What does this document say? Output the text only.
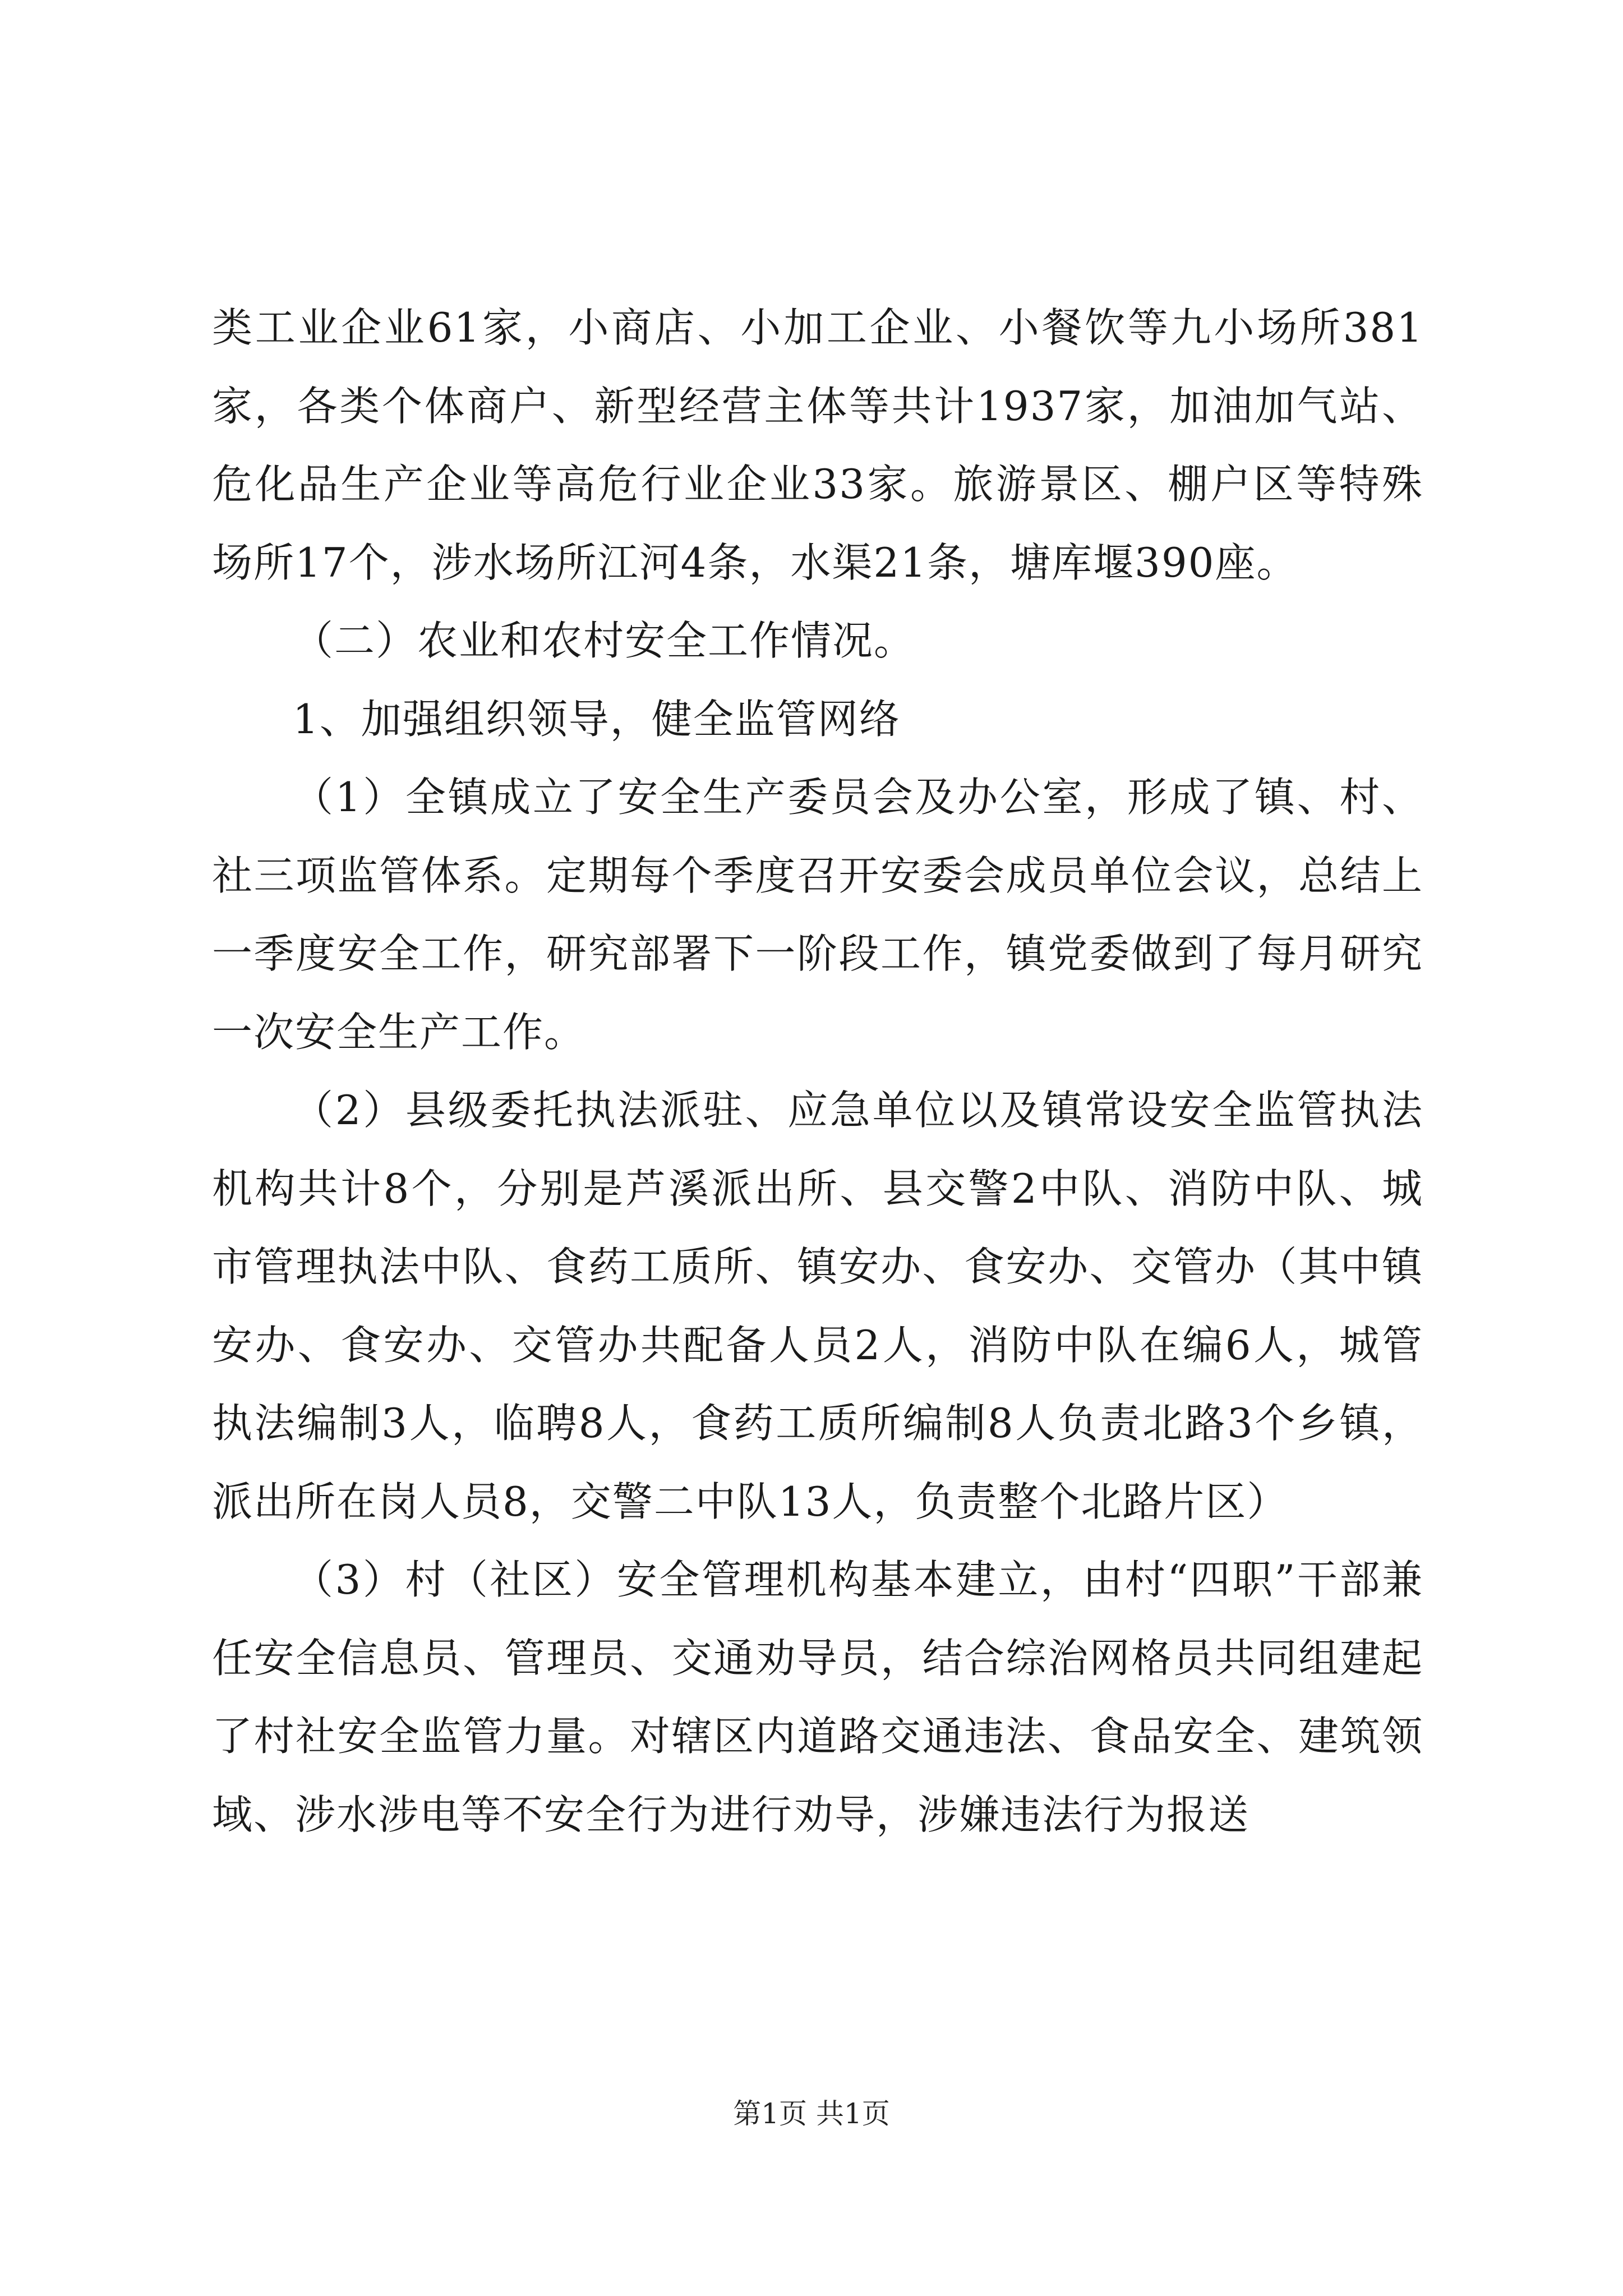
类工业企业61家，小商店、小加工企业、小餐饮等九小场所381家，各类个体商户、新型经营主体等共计1937家，加油加气站、危化品生产企业等高危行业企业33家。旅游景区、棚户区等特殊场所17个，涉水场所江河4条，水渠21条，塘库堰390座。

（二）农业和农村安全工作情况。

1、加强组织领导，健全监管网络

（1）全镇成立了安全生产委员会及办公室，形成了镇、村、社三项监管体系。定期每个季度召开安委会成员单位会议，总结上一季度安全工作，研究部署下一阶段工作，镇党委做到了每月研究一次安全生产工作。

（2）县级委托执法派驻、应急单位以及镇常设安全监管执法机构共计8个，分别是芦溪派出所、县交警2中队、消防中队、城市管理执法中队、食药工质所、镇安办、食安办、交管办（其中镇安办、食安办、交管办共配备人员2人，消防中队在编6人，城管执法编制3人，临聘8人，食药工质所编制8人负责北路3个乡镇，派出所在岗人员8，交警二中队13人，负责整个北路片区）

（3）村（社区）安全管理机构基本建立，由村“四职”干部兼任安全信息员、管理员、交通劝导员，结合综治网格员共同组建起了村社安全监管力量。对辖区内道路交通违法、食品安全、建筑领域、涉水涉电等不安全行为进行劝导，涉嫌违法行为报送

第1页 共1页
